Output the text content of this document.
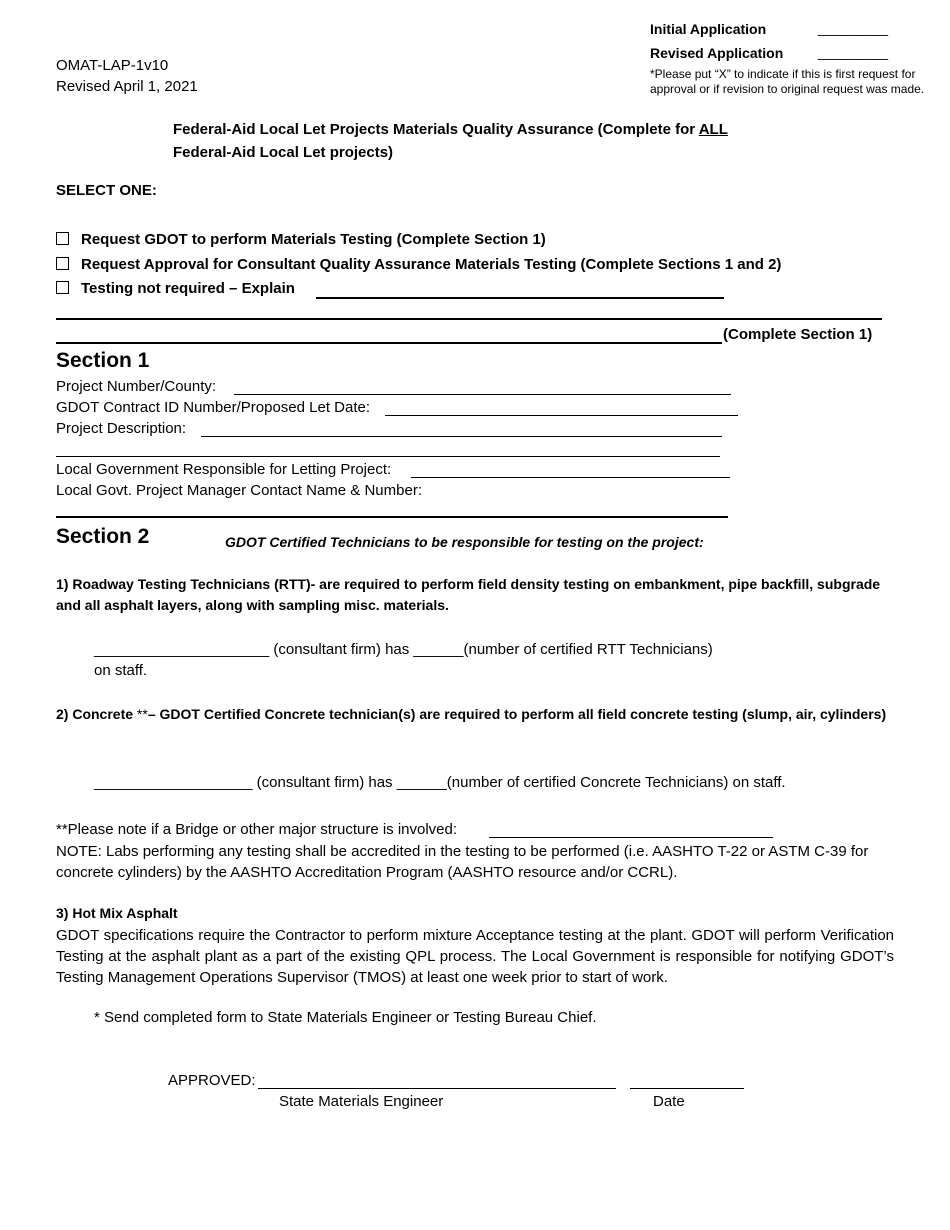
Initial Application	_________
Revised Application _________
*Please put “X” to indicate if this is first request for
approval or if revision to original request was made.
OMAT-LAP-1v10
Revised April 1, 2021
Federal-Aid Local Let Projects Materials Quality Assurance (Complete for ALL
Federal-Aid Local Let projects)
SELECT ONE:
Request GDOT to perform Materials Testing (Complete Section 1)
Request Approval for Consultant Quality Assurance Materials Testing (Complete Sections 1 and 2)
Testing not required – Explain
(Complete Section 1)
Section 1
Project Number/County:
GDOT Contract ID Number/Proposed Let Date:
Project Description:
Local Government Responsible for Letting Project:
Local Govt. Project Manager Contact Name & Number:
Section 2	GDOT Certified Technicians to be responsible for testing on the project:
1) Roadway Testing Technicians (RTT)- are required to perform field density testing on embankment, pipe backfill, subgrade and all asphalt layers, along with sampling misc. materials.
_____________________ (consultant firm) has ______(number of certified RTT Technicians)
on staff.
2) Concrete **– GDOT Certified Concrete technician(s) are required to perform all field concrete testing (slump, air, cylinders)
___________________ (consultant firm) has ______(number of certified Concrete Technicians) on staff.
**Please note if a Bridge or other major structure is involved:
NOTE: Labs performing any testing shall be accredited in the testing to be performed (i.e. AASHTO T-22 or ASTM C-39 for concrete cylinders) by the AASHTO Accreditation Program (AASHTO resource and/or CCRL).
3) Hot Mix Asphalt
GDOT specifications require the Contractor to perform mixture Acceptance testing at the plant. GDOT will perform Verification Testing at the asphalt plant as a part of the existing QPL process. The Local Government is responsible for notifying GDOT’s Testing Management Operations Supervisor (TMOS) at least one week prior to start of work.
* Send completed form to State Materials Engineer or Testing Bureau Chief.
APPROVED:
State Materials Engineer	Date
